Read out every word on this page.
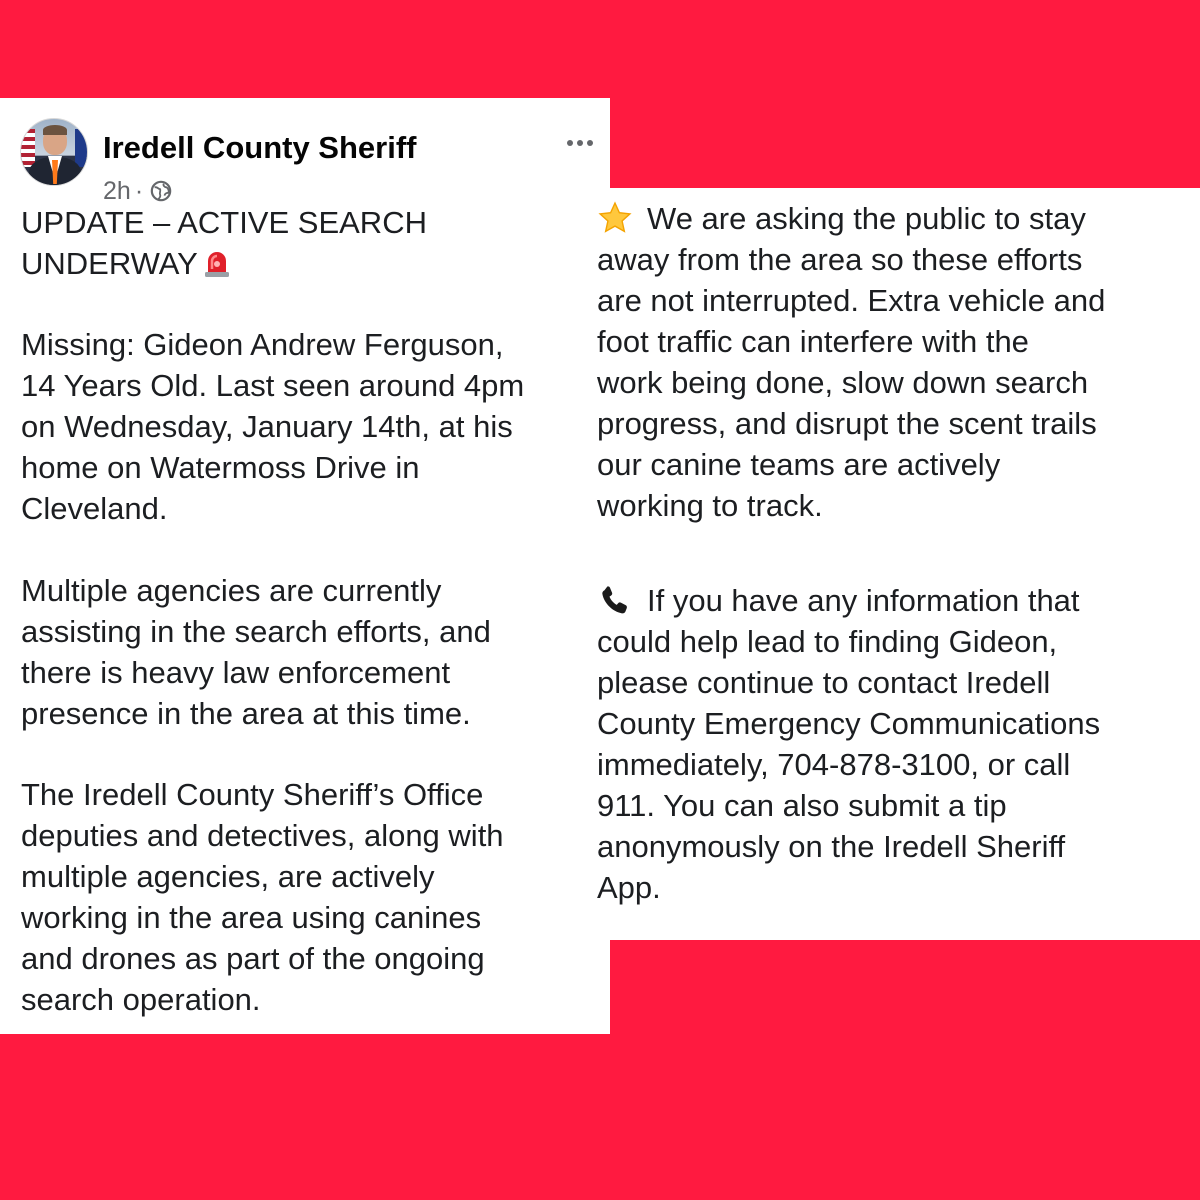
Iredell County Sheriff
2h ·

UPDATE – ACTIVE SEARCH
UNDERWAY

Missing: Gideon Andrew Ferguson,
14 Years Old. Last seen around 4pm
on Wednesday, January 14th, at his
home on Watermoss Drive in
Cleveland.

Multiple agencies are currently
assisting in the search efforts, and
there is heavy law enforcement
presence in the area at this time.

The Iredell County Sheriff’s Office
deputies and detectives, along with
multiple agencies, are actively
working in the area using canines
and drones as part of the ongoing
search operation.

We are asking the public to stay
away from the area so these efforts
are not interrupted. Extra vehicle and
foot traffic can interfere with the
work being done, slow down search
progress, and disrupt the scent trails
our canine teams are actively
working to track.

If you have any information that
could help lead to finding Gideon,
please continue to contact Iredell
County Emergency Communications
immediately, 704-878-3100, or call
911. You can also submit a tip
anonymously on the Iredell Sheriff
App.
